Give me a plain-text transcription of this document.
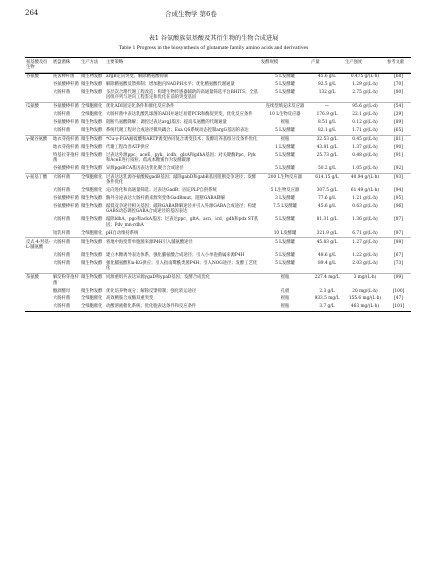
264	合成生物学 第6卷
表1 谷氨酸族氨基酸及其衍生物的生物合成进展
Table 1 Progress in the biosynthesis of glutamate family amino acids and derivatives
氨基酸及衍生物	底盘菌株	生产方法	主要策略	发酵规模	产量	生产强度	参考文献
谷氨酸	钝齿棒杆菌	微生物发酵	argB定向突变，解除精氨酸抑制	5 L发酵罐	45.6 g/L	0.475 g/(L·h)	[68]
	谷氨酸棒杆菌	微生物发酵	解除精氨酸反馈抑制；增加胞内NADPH水平；优化精氨酸代谢通量	5 L发酵罐	92.5 g/L	1.29 g/(L·h)	[70]
	大肠杆菌	微生物发酵	多层次合理代谢工程改造；构建生物传感器辅助的高通量筛选平台BHITS；全基因组序列与逆向工程鉴定和优化在前的突变基因	5 L发酵罐	132 g/L	2.75 g/(L·h)	[80]
瓜氨酸	谷氨酸棒杆菌	全细胞催化	优化ADI固定化条件和催化反应条件	连续型填充床反应器	—	95.6 g/(L·d)	[54]
	大肠杆菌	全细胞催化	大肠杆菌中表达乳酸乳球菌的ADI并通过易错PCR和酶促突变，优化反应条件	10 L生物反应器	176.9 g/L	22.1 g/(L·h)	[39]
	谷氨酸棒杆菌	微生物发酵	阻断鸟氨酸降解；调控过表达argJ基因；提高瓜氨酸的代谢通量	摇瓶	8.51 g/L	0.12 g/(L·h)	[89]
	大肠杆菌	微生物发酵	系统代谢工程对合成途径模块耦合；Esa QS系统动态控制argG基因的表达	5 L发酵罐	82.1 g/L	1.71 g/(L·h)	[65]
γ-聚谷氨酸	地衣芽孢杆菌	微生物发酵	*Cu-γ-PGA耐硫酸和ARTP诱变协同复合诱变技术；发酵培养基组分及条件优化	摇瓶	32.53 g/L	0.45 g/(L·h)	[81]
	地衣芽孢杆菌	微生物发酵	代谢工程改善ATP供应	1 L发酵罐	43.81 g/L	1.37 g/(L·h)	[90]
	特基拉芽孢杆菌	微生物发酵	过表达外源ppc、aceE、pyk、icdh、glsA和gdhA基因；对关键酶Ppc、Pyk和AceE进行质粒；低成本糖蜜作为发酵碳源	5 L发酵罐	25.73 g/L	0.48 g/(L·h)	[91]
	谷氨酸棒杆菌	微生物发酵	异源pgsBCA基因表达优化聚合合成途径	5 L发酵罐	50.2 g/L	1.05 g/(L·h)	[92]
γ-氨基丁酸	大肠杆菌	全细胞催化	过表达达乳源谷氨酸胺gadB基因；敲除gabD和gabB基因阻断竞争途径；发酵条件优化	200 L生物反应器	614.15 g/L	40.94 g/(L·h)	[93]
	大肠杆菌	全细胞催化	定向进化和高通量筛选；过表达GadB；固定PLP自供系统	5 L生物反应器	307.5 g/L	61.49 g/(L·h)	[94]
	谷氨酸棒杆菌	微生物发酵	酶外分泌表达大肠杆菌来源突变体GadBmut；阻断GABA降解	3 L发酵罐	77.6 g/L	1.21 g/(L·h)	[95]
	谷氨酸棒杆菌	微生物发酵	敲低竞争途径相关基因；敲除GABA降解途径并引入外源GABA合成途径；构建GABS动态调控GABA合成途径的基因表达	7.5 L发酵罐	45.6 g/L	0.63 g/(L·h)	[96]
	大肠杆菌	微生物发酵	敲除ldhA、pgo和ackA基因；过表达ppc、gltA、acn、icd、gdh和pdx ST基因；Pdv_mn-rdhA	5 L发酵罐	81.31 g/L	1.36 g/(L·h)	[87]
	短乳杆菌	全细胞催化	pH自动维持系统	10 L发酵罐	321.9 g/L	6.71 g/(L·h)	[97]
反式-4-羟基-L-脯氨酸	大肠杆菌	微生物发酵	将地中海变带单胞菌来源P4H引入脯氨酸途径	5 L发酵罐	45.83 g/L	1.27 g/(L·h)	[98]
	大肠杆菌	微生物发酵	建立木糖诱导表达体系，强化脯氨酸合成途径；引入小单孢菌属来源P4H	5 L发酵罐	48.6 g/L	1.22 g/(L·h)	[67]
	大肠杆菌	微生物发酵	强化脯氨酸和a-KG供应；引入指南鹭酰类菌P4H；引入NOG途径；发酵工艺优化	5 L发酵罐	89.4 g/L	2.03 g/(L·h)	[73]
茶氨酸	解淀粉芽孢杆菌	微生物发酵	同源重组共表达异源ygaD和ypaD基因；发酵合成优化	摇瓶	227.4 mg/L	3 mg/(L·h)	[99]
	酿酒酵母	微生物发酵	优化培养物成分；解除反馈抑制；强化转运途径	孔板	2.3 g/L	20 mg/(L·h)	[100]
	大肠杆菌	全细胞催化	高效精胺合成酶双重突变	摇瓶	933.5 mg/L	155.6 mg/(L·h)	[47]
	大肠杆菌	全细胞催化	动酸溶液催化系统；优化胞表达条件和反应条件	摇瓶	3.7 g/L	463 mg/(L·h)	[101]
